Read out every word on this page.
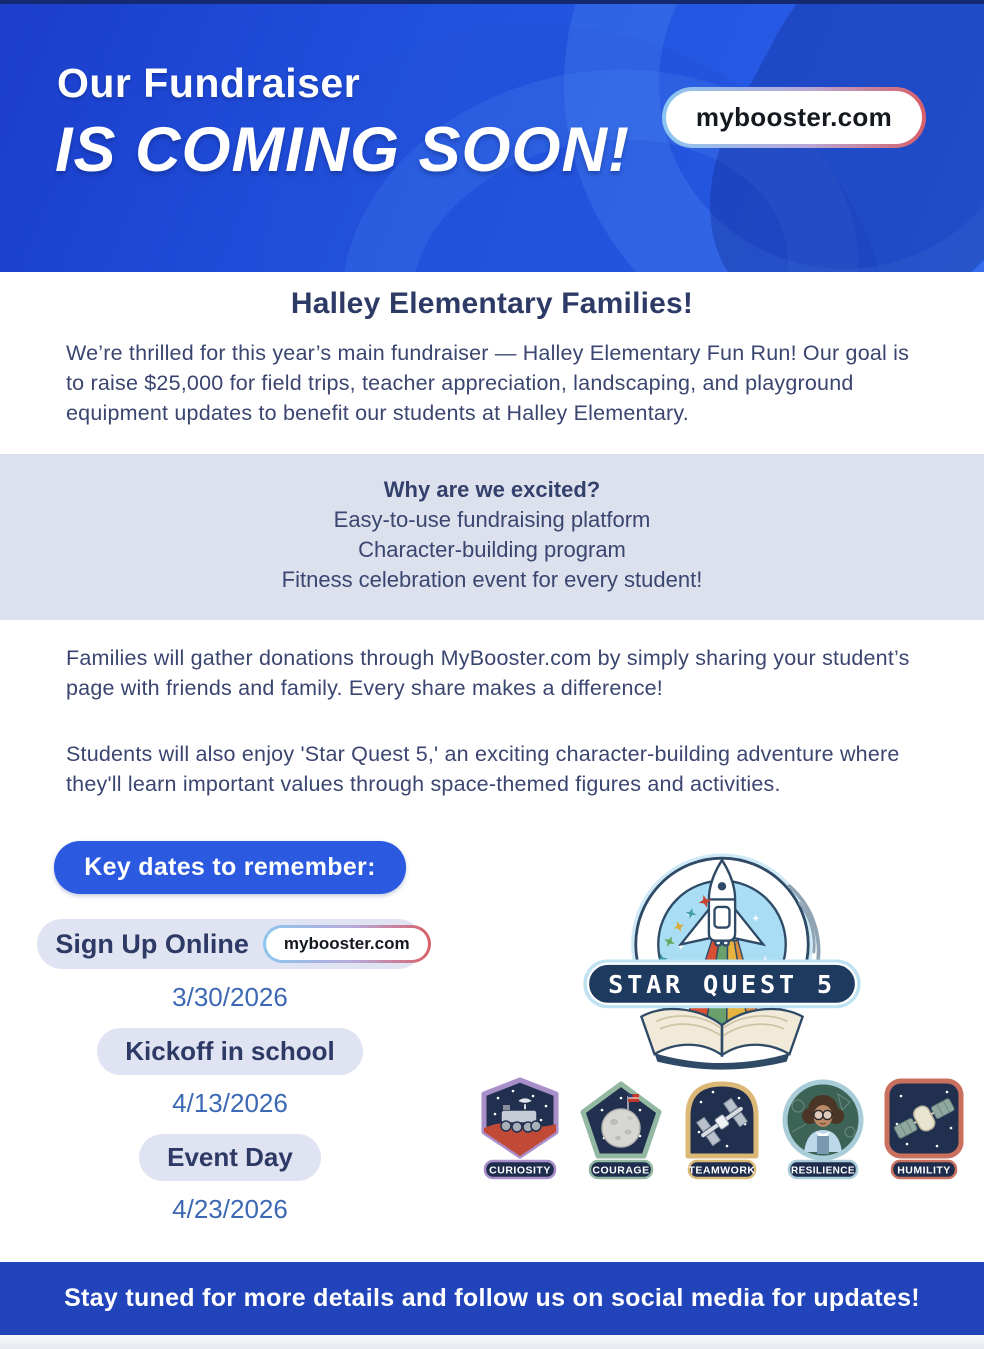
Our Fundraiser
IS COMING SOON!	mybooster.com
Halley Elementary Families!
We’re thrilled for this year’s main fundraiser — Halley Elementary Fun Run! Our goal is to raise $25,000 for field trips, teacher appreciation, landscaping, and playground equipment updates to benefit our students at Halley Elementary.
Why are we excited?
Easy-to-use fundraising platform
Character-building program
Fitness celebration event for every student!
Families will gather donations through MyBooster.com by simply sharing your student’s page with friends and family. Every share makes a difference!
Students will also enjoy 'Star Quest 5,' an exciting character-building adventure where they'll learn important values through space-themed figures and activities.
Key dates to remember:
Sign Up Online	mybooster.com
3/30/2026
Kickoff in school
4/13/2026
Event Day
4/23/2026
STAR QUEST 5
CURIOSITY	COURAGE	TEAMWORK	RESILIENCE	HUMILITY
Stay tuned for more details and follow us on social media for updates!
